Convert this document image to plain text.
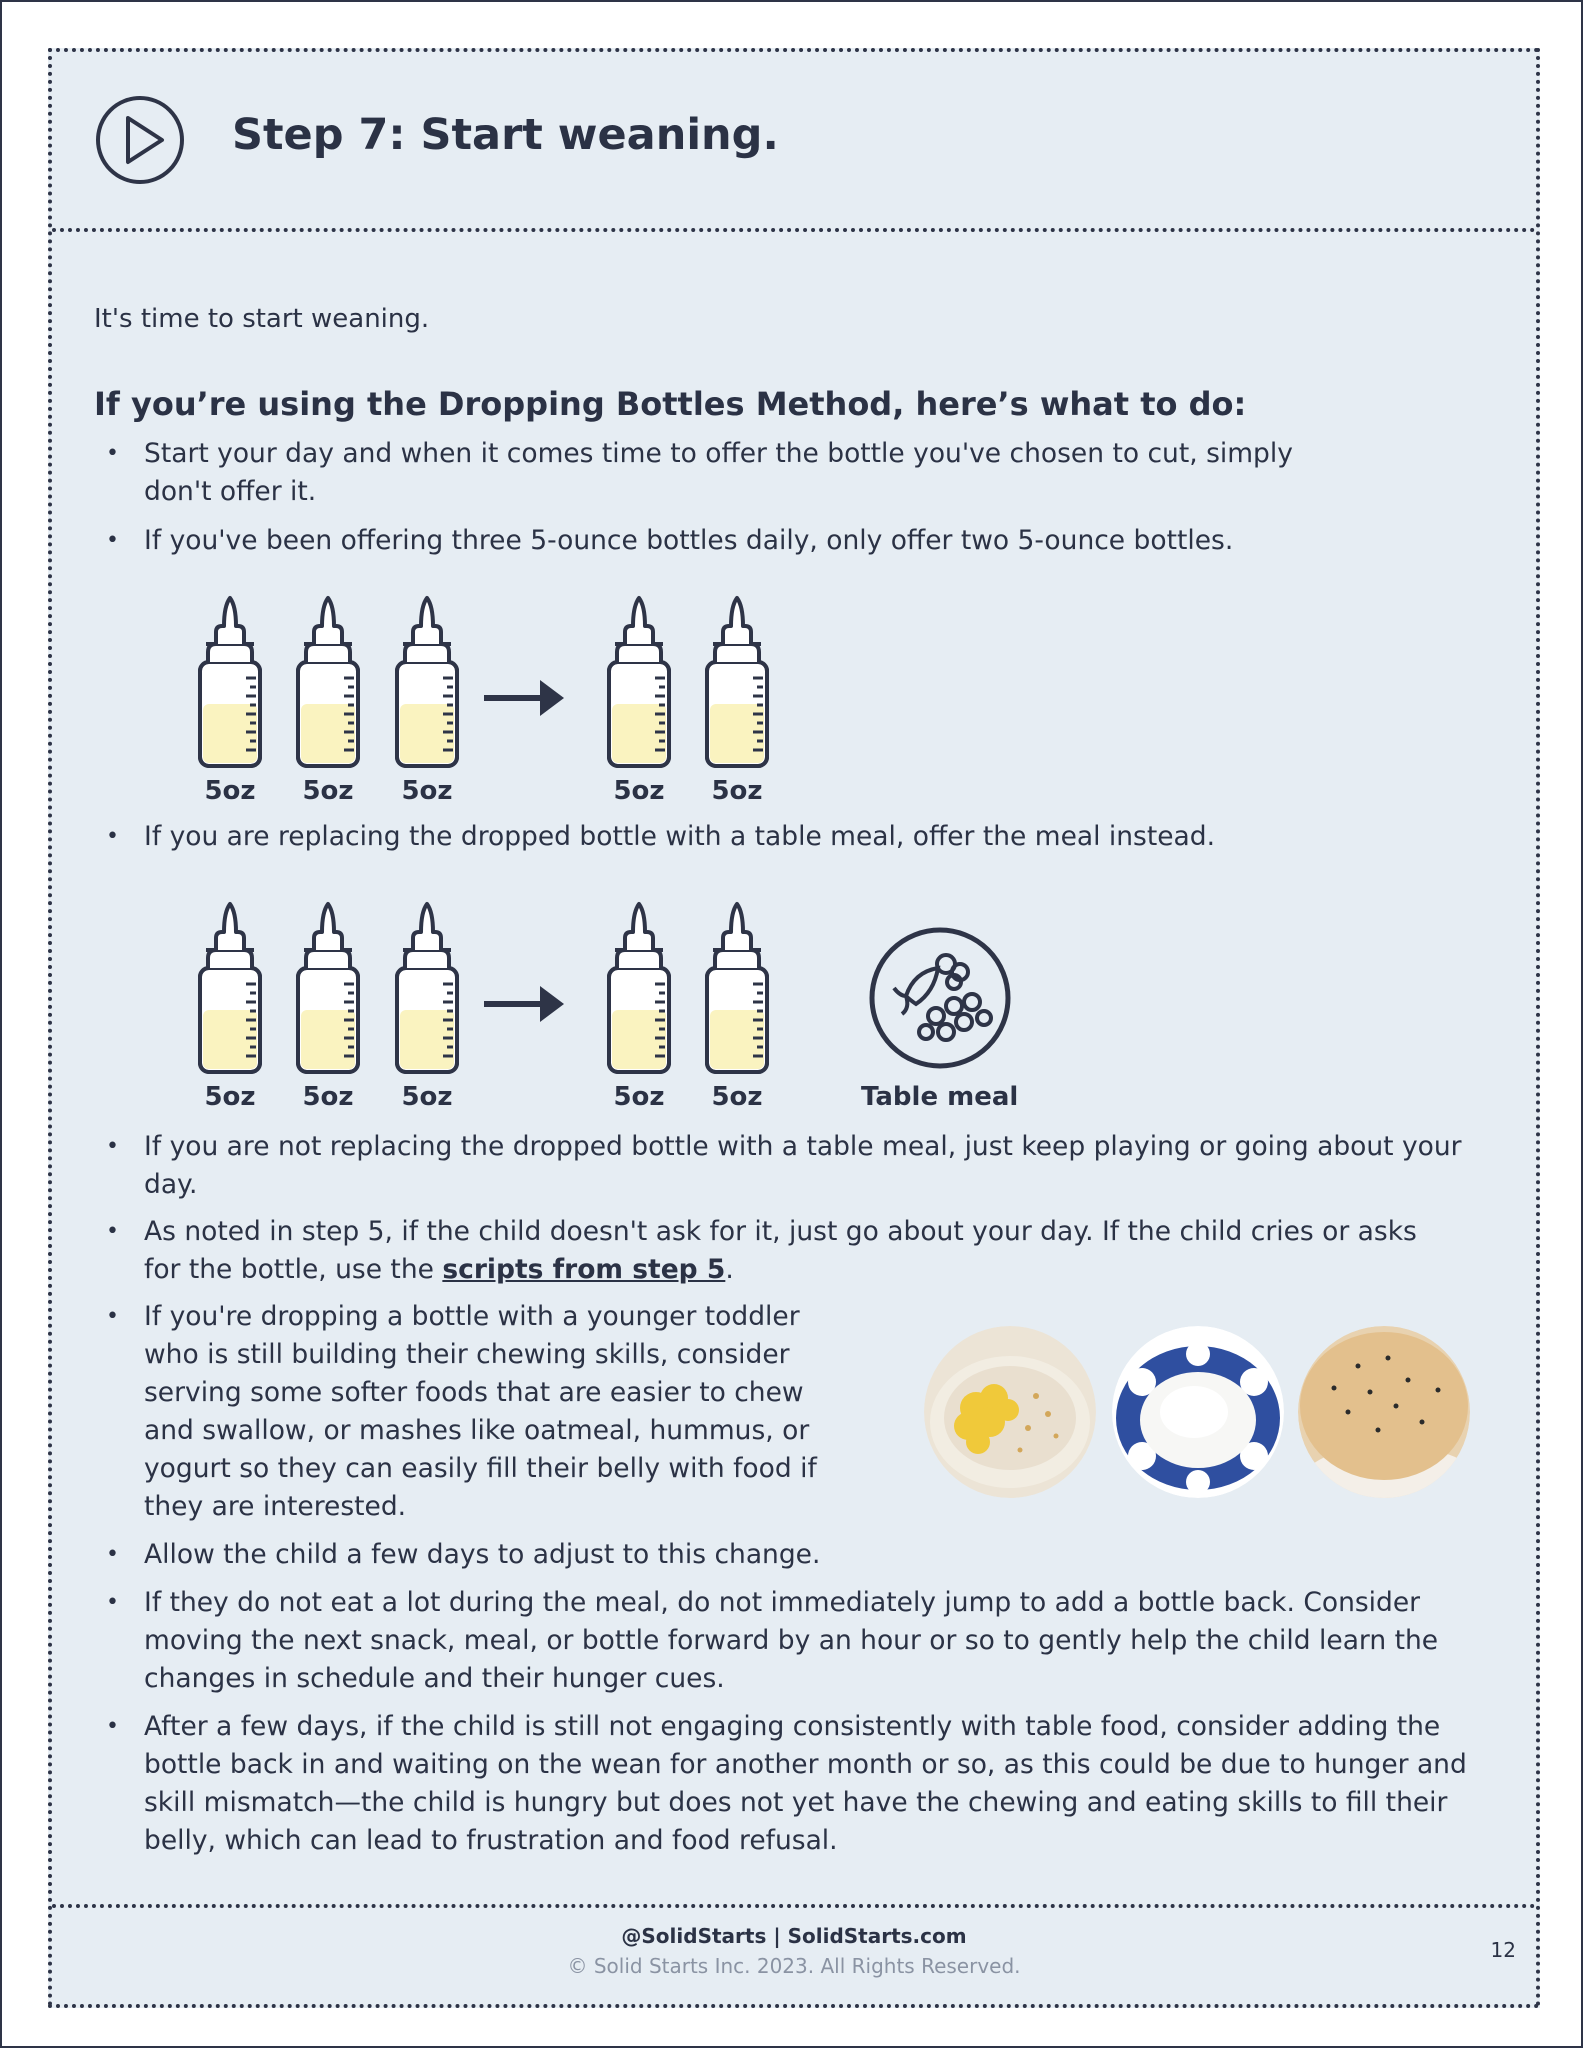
Step 7: Start weaning.
It's time to start weaning.
If you’re using the Dropping Bottles Method, here’s what to do:
• Start your day and when it comes time to offer the bottle you've chosen to cut, simply don't offer it.
• If you've been offering three 5-ounce bottles daily, only offer two 5-ounce bottles.
5oz	5oz	5oz	5oz	5oz
• If you are replacing the dropped bottle with a table meal, offer the meal instead.
5oz	5oz	5oz	5oz	5oz	Table meal
• If you are not replacing the dropped bottle with a table meal, just keep playing or going about your day.
• As noted in step 5, if the child doesn't ask for it, just go about your day. If the child cries or asks for the bottle, use the scripts from step 5.
• If you're dropping a bottle with a younger toddler who is still building their chewing skills, consider serving some softer foods that are easier to chew and swallow, or mashes like oatmeal, hummus, or yogurt so they can easily fill their belly with food if they are interested.
• Allow the child a few days to adjust to this change.
• If they do not eat a lot during the meal, do not immediately jump to add a bottle back. Consider moving the next snack, meal, or bottle forward by an hour or so to gently help the child learn the changes in schedule and their hunger cues.
• After a few days, if the child is still not engaging consistently with table food, consider adding the bottle back in and waiting on the wean for another month or so, as this could be due to hunger and skill mismatch—the child is hungry but does not yet have the chewing and eating skills to fill their belly, which can lead to frustration and food refusal.
@SolidStarts | SolidStarts.com
© Solid Starts Inc. 2023. All Rights Reserved.
12
